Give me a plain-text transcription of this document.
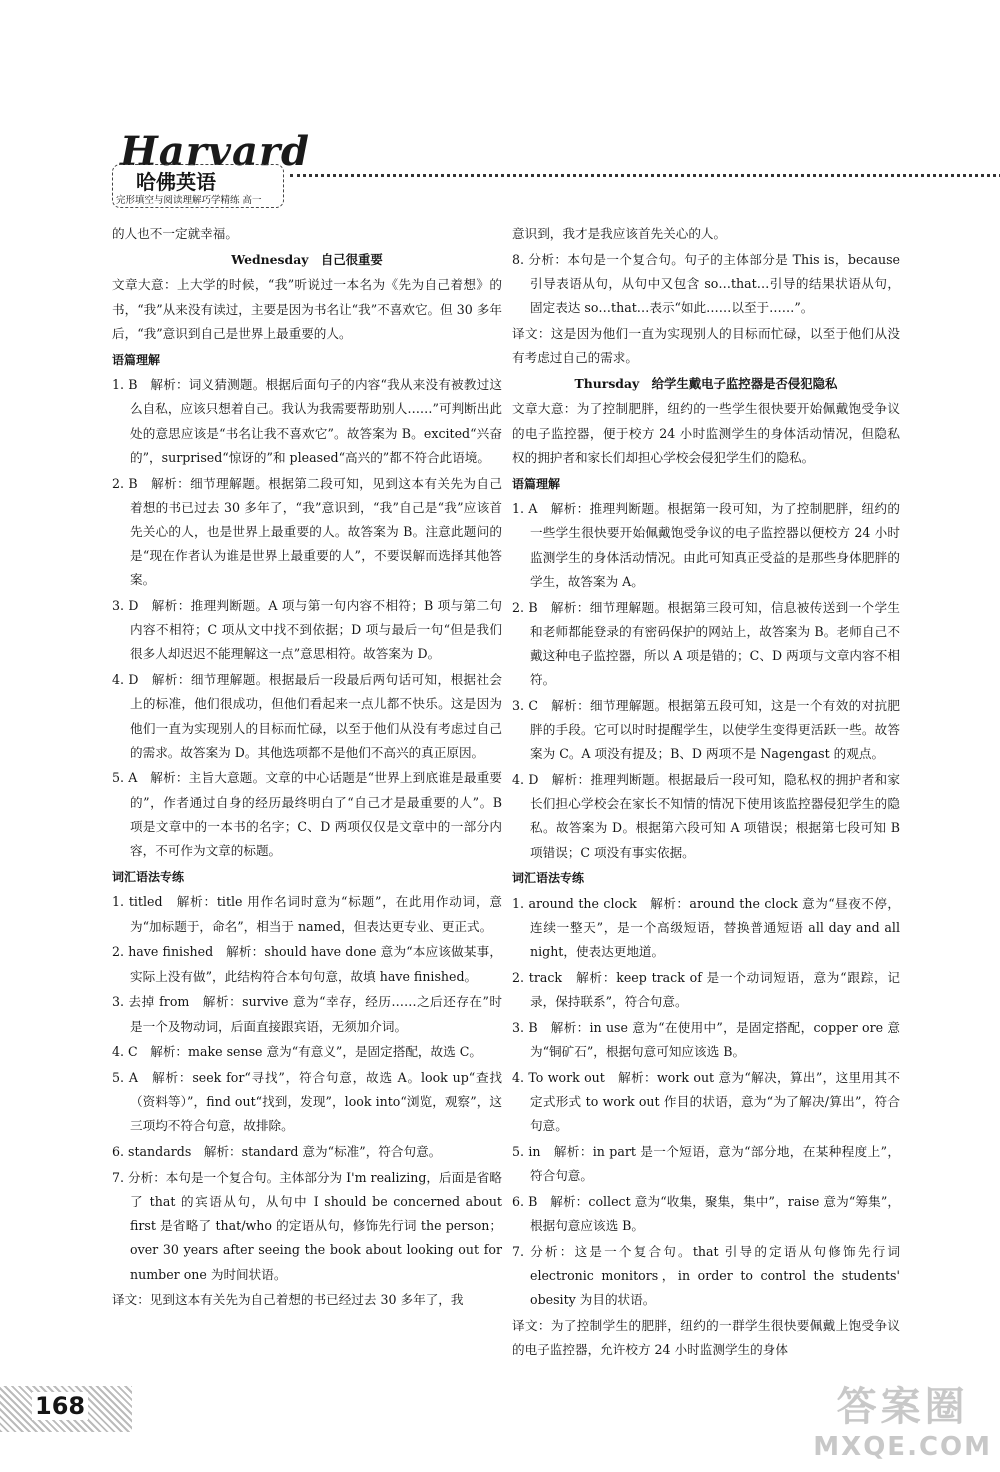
Harvard
哈佛英语
完形填空与阅读理解巧学精练 高一

的人也不一定就幸福。

Wednesday　自己很重要

文章大意：上大学的时候，“我”听说过一本名为《先为自己着想》的书，“我”从来没有读过，主要是因为书名让“我”不喜欢它。但 30 多年后，“我”意识到自己是世界上最重要的人。

语篇理解

1. B　解析：词义猜测题。根据后面句子的内容“我从来没有被教过这么自私，应该只想着自己。我认为我需要帮助别人……”可判断出此处的意思应该是“书名让我不喜欢它”。故答案为 B。excited“兴奋的”，surprised“惊讶的”和 pleased“高兴的”都不符合此语境。

2. B　解析：细节理解题。根据第二段可知，见到这本有关先为自己着想的书已过去 30 多年了，“我”意识到，“我”自己是“我”应该首先关心的人，也是世界上最重要的人。故答案为 B。注意此题问的是“现在作者认为谁是世界上最重要的人”，不要误解而选择其他答案。

3. D　解析：推理判断题。A 项与第一句内容不相符；B 项与第二句内容不相符；C 项从文中找不到依据；D 项与最后一句“但是我们很多人却迟迟不能理解这一点”意思相符。故答案为 D。

4. D　解析：细节理解题。根据最后一段最后两句话可知，根据社会上的标准，他们很成功，但他们看起来一点儿都不快乐。这是因为他们一直为实现别人的目标而忙碌，以至于他们从没有考虑过自己的需求。故答案为 D。其他选项都不是他们不高兴的真正原因。

5. A　解析：主旨大意题。文章的中心话题是“世界上到底谁是最重要的”，作者通过自身的经历最终明白了“自己才是最重要的人”。B 项是文章中的一本书的名字；C、D 两项仅仅是文章中的一部分内容，不可作为文章的标题。

词汇语法专练

1. titled　解析：title 用作名词时意为“标题”，在此用作动词，意为“加标题于，命名”，相当于 named，但表达更专业、更正式。

2. have finished　解析：should have done 意为“本应该做某事，实际上没有做”，此结构符合本句句意，故填 have finished。

3. 去掉 from　解析：survive 意为“幸存，经历……之后还存在”时是一个及物动词，后面直接跟宾语，无须加介词。

4. C　解析：make sense 意为“有意义”，是固定搭配，故选 C。

5. A　解析：seek for“寻找”，符合句意，故选 A。look up“查找（资料等）”，find out“找到，发现”，look into“浏览，观察”，这三项均不符合句意，故排除。

6. standards　解析：standard 意为“标准”，符合句意。

7. 分析：本句是一个复合句。主体部分为 I'm realizing，后面是省略了 that 的宾语从句，从句中 I should be concerned about first 是省略了 that/who 的定语从句，修饰先行词 the person；over 30 years after seeing the book about looking out for number one 为时间状语。

译文：见到这本有关先为自己着想的书已经过去 30 多年了，我

意识到，我才是我应该首先关心的人。

8. 分析：本句是一个复合句。句子的主体部分是 This is，because 引导表语从句，从句中又包含 so…that…引导的结果状语从句，固定表达 so…that…表示“如此……以至于……”。

译文：这是因为他们一直为实现别人的目标而忙碌，以至于他们从没有考虑过自己的需求。

Thursday　给学生戴电子监控器是否侵犯隐私

文章大意：为了控制肥胖，纽约的一些学生很快要开始佩戴饱受争议的电子监控器，便于校方 24 小时监测学生的身体活动情况，但隐私权的拥护者和家长们却担心学校会侵犯学生们的隐私。

语篇理解

1. A　解析：推理判断题。根据第一段可知，为了控制肥胖，纽约的一些学生很快要开始佩戴饱受争议的电子监控器以便校方 24 小时监测学生的身体活动情况。由此可知真正受益的是那些身体肥胖的学生，故答案为 A。

2. B　解析：细节理解题。根据第三段可知，信息被传送到一个学生和老师都能登录的有密码保护的网站上，故答案为 B。老师自己不戴这种电子监控器，所以 A 项是错的；C、D 两项与文章内容不相符。

3. C　解析：细节理解题。根据第五段可知，这是一个有效的对抗肥胖的手段。它可以时时提醒学生，以使学生变得更活跃一些。故答案为 C。A 项没有提及；B、D 两项不是 Nagengast 的观点。

4. D　解析：推理判断题。根据最后一段可知，隐私权的拥护者和家长们担心学校会在家长不知情的情况下使用该监控器侵犯学生的隐私。故答案为 D。根据第六段可知 A 项错误；根据第七段可知 B 项错误；C 项没有事实依据。

词汇语法专练

1. around the clock　解析：around the clock 意为“昼夜不停，连续一整天”，是一个高级短语，替换普通短语 all day and all night，使表达更地道。

2. track　解析：keep track of 是一个动词短语，意为“跟踪，记录，保持联系”，符合句意。

3. B　解析：in use 意为“在使用中”，是固定搭配，copper ore 意为“铜矿石”，根据句意可知应该选 B。

4. To work out　解析：work out 意为“解决，算出”，这里用其不定式形式 to work out 作目的状语，意为“为了解决/算出”，符合句意。

5. in　解析：in part 是一个短语，意为“部分地，在某种程度上”，符合句意。

6. B　解析：collect 意为“收集，聚集，集中”，raise 意为“筹集”，根据句意应该选 B。

7. 分析：这是一个复合句。that 引导的定语从句修饰先行词 electronic monitors，in order to control the students' obesity 为目的状语。

译文：为了控制学生的肥胖，纽约的一群学生很快要佩戴上饱受争议的电子监控器，允许校方 24 小时监测学生的身体

168	答案圈
MXQE.COM
